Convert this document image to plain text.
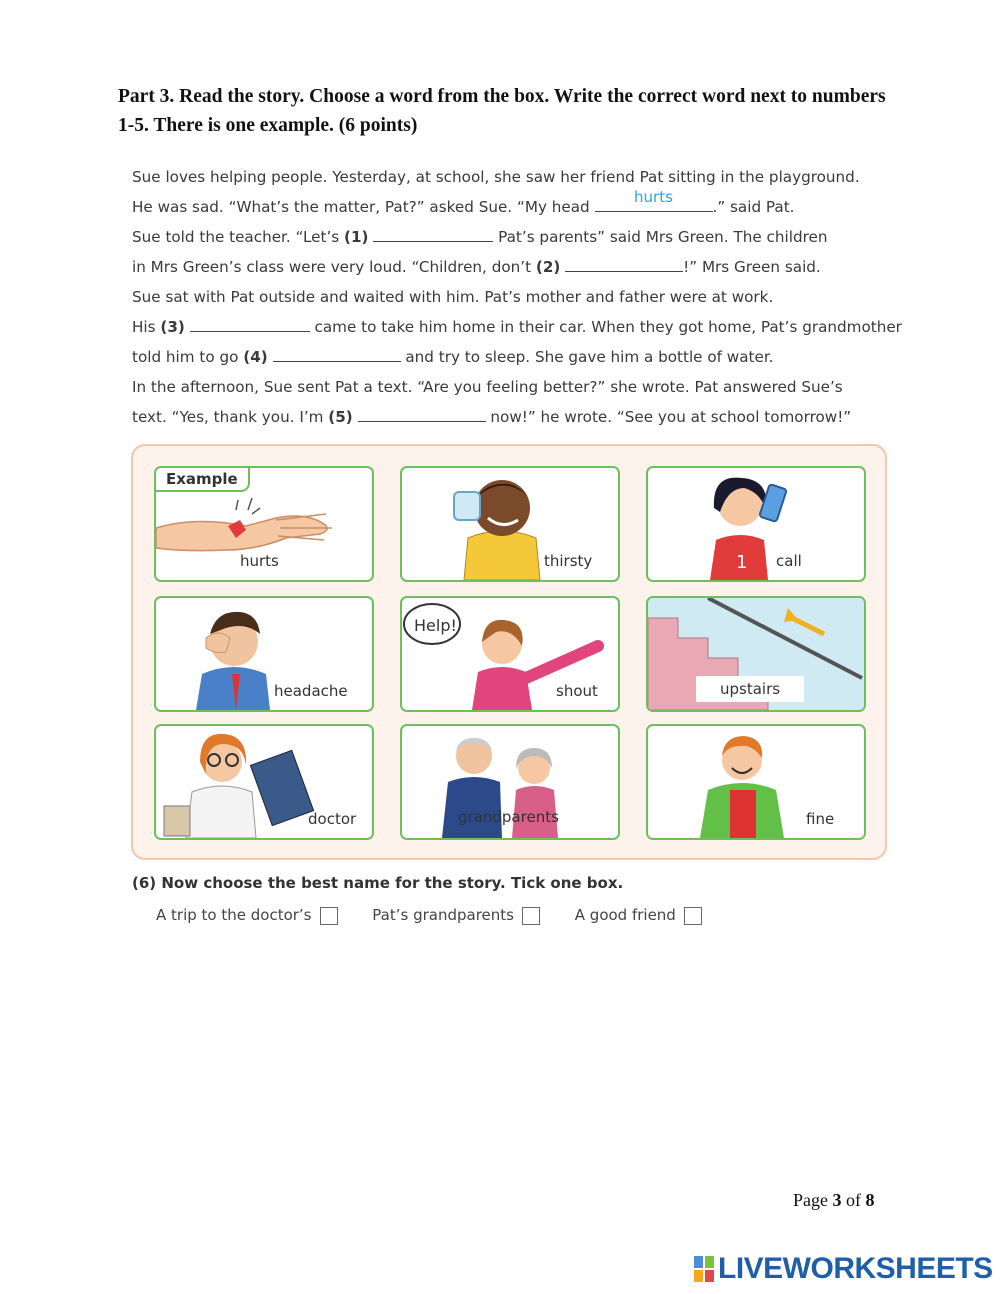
Part 3. Read the story. Choose a word from the box. Write the correct word next to numbers 1-5. There is one example. (6 points)
Sue loves helping people. Yesterday, at school, she saw her friend Pat sitting in the playground.
He was sad. “What’s the matter, Pat?” asked Sue. “My head
hurts
.” said Pat.
Sue told the teacher. “Let’s (1)	Pat’s parents” said Mrs Green. The children
in Mrs Green’s class were very loud. “Children, don’t (2)	!” Mrs Green said.
Sue sat with Pat outside and waited with him. Pat’s mother and father were at work.
His (3)	came to take him home in their car. When they got home, Pat’s grandmother
told him to go (4)	and try to sleep. She gave him a bottle of water.
In the afternoon, Sue sent Pat a text. “Are you feeling better?” she wrote. Pat answered Sue’s
text. “Yes, thank you. I’m (5)	now!” he wrote. “See you at school tomorrow!”
Example
hurts	thirsty	1 call
headache
Help!
shout	upstairs
doctor	grandparents	fine
(6) Now choose the best name for the story. Tick one box.
A trip to the doctor’s	Pat’s grandparents	A good friend
Page 3 of 8
LIVEWORKSHEETS
